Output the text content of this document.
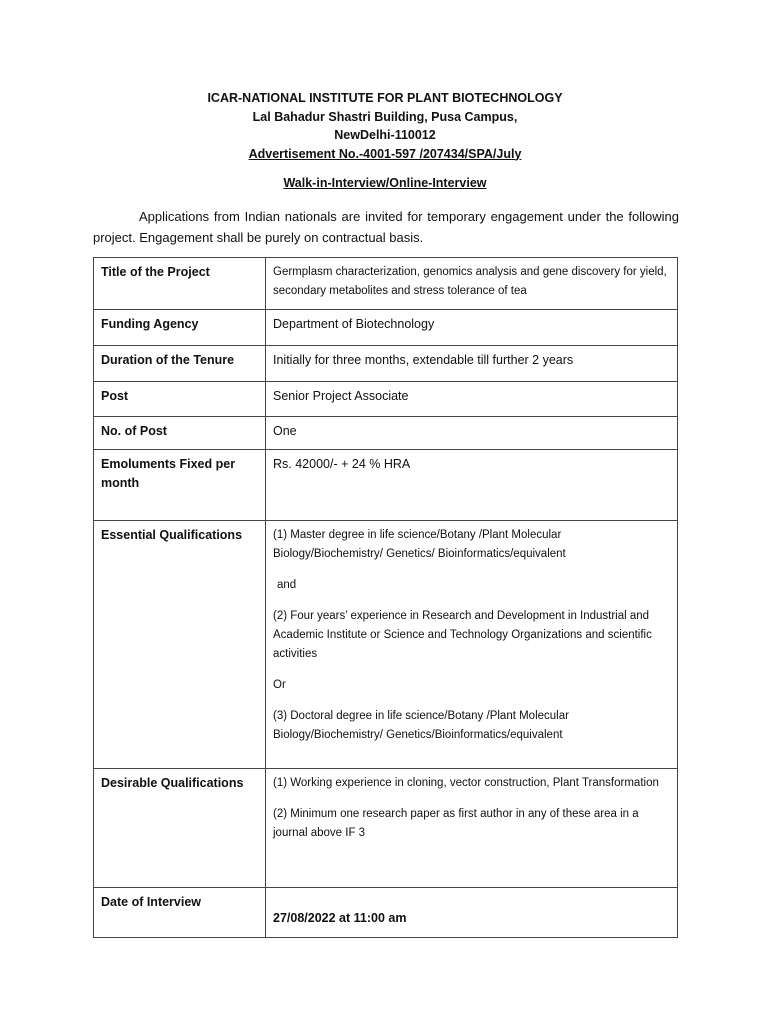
ICAR-NATIONAL INSTITUTE FOR PLANT BIOTECHNOLOGY
Lal Bahadur Shastri Building, Pusa Campus,
NewDelhi-110012
Advertisement No.-4001-597 /207434/SPA/July
Walk-in-Interview/Online-Interview
Applications from Indian nationals are invited for temporary engagement under the following project. Engagement shall be purely on contractual basis.
Title of the Project	Germplasm characterization, genomics analysis and gene discovery for yield, secondary metabolites and stress tolerance of tea
Funding Agency	Department of Biotechnology
Duration of the Tenure	Initially for three months, extendable till further 2 years
Post	Senior Project Associate
No. of Post	One
Emoluments Fixed per month	Rs. 42000/- + 24 % HRA
Essential Qualifications	(1) Master degree in life science/Botany /Plant Molecular Biology/Biochemistry/ Genetics/ Bioinformatics/equivalent
and
(2) Four years’ experience in Research and Development in Industrial and Academic Institute or Science and Technology Organizations and scientific activities
Or
(3) Doctoral degree in life science/Botany /Plant Molecular Biology/Biochemistry/ Genetics/Bioinformatics/equivalent

Desirable Qualifications	(1) Working experience in cloning, vector construction, Plant Transformation
(2) Minimum one research paper as first author in any of these area in a journal above IF 3

Date of Interview	27/08/2022 at 11:00 am
